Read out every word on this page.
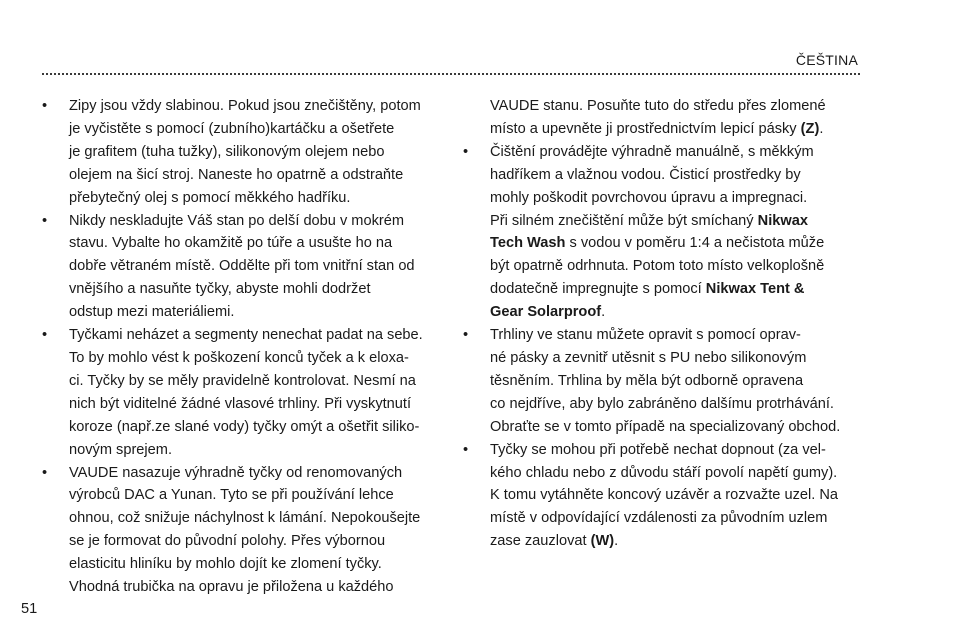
ČEŠTINA
• Zipy jsou vždy slabinou. Pokud jsou znečištěny, potom
je vyčistěte s pomocí (zubního)kartáčku a ošetřete
je grafitem (tuha tužky), silikonovým olejem nebo
olejem na šicí stroj. Naneste ho opatrně a odstraňte
přebytečný olej s pomocí měkkého hadříku.
• Nikdy neskladujte Váš stan po delší dobu v mokrém
stavu. Vybalte ho okamžitě po túře a usušte ho na
dobře větraném místě. Oddělte při tom vnitřní stan od
vnějšího a nasuňte tyčky, abyste mohli dodržet
odstup mezi materiáliemi.
• Tyčkami neházet a segmenty nenechat padat na sebe.
To by mohlo vést k poškození konců tyček a k eloxa-
ci. Tyčky by se měly pravidelně kontrolovat. Nesmí na
nich být viditelné žádné vlasové trhliny. Při vyskytnutí
koroze (např.ze slané vody) tyčky omýt a ošetřit siliko-
novým sprejem.
• VAUDE nasazuje výhradně tyčky od renomovaných
výrobců DAC a Yunan. Tyto se při používání lehce
ohnou, což snižuje náchylnost k lámání. Nepokoušejte
se je formovat do původní polohy. Přes výbornou
elasticitu hliníku by mohlo dojít ke zlomení tyčky.
Vhodná trubička na opravu je přiložena u každého
VAUDE stanu. Posuňte tuto do středu přes zlomené
místo a upevněte ji prostřednictvím lepicí pásky (Z).
• Čištění provádějte výhradně manuálně, s měkkým
hadříkem a vlažnou vodou. Čisticí prostředky by
mohly poškodit povrchovou úpravu a impregnaci.
Při silném znečištění může být smíchaný Nikwax
Tech Wash s vodou v poměru 1:4 a nečistota může
být opatrně odrhnuta. Potom toto místo velkoplošně
dodatečně impregnujte s pomocí Nikwax Tent &
Gear Solarproof.
• Trhliny ve stanu můžete opravit s pomocí oprav-
né pásky a zevnitř utěsnit s PU nebo silikonovým
těsněním. Trhlina by měla být odborně opravena
co nejdříve, aby bylo zabráněno dalšímu protrhávání.
Obraťte se v tomto případě na specializovaný obchod.
• Tyčky se mohou při potřebě nechat dopnout (za vel-
kého chladu nebo z důvodu stáří povolí napětí gumy).
K tomu vytáhněte koncový uzávěr a rozvažte uzel. Na
místě v odpovídající vzdálenosti za původním uzlem
zase zauzlovat (W).
51
